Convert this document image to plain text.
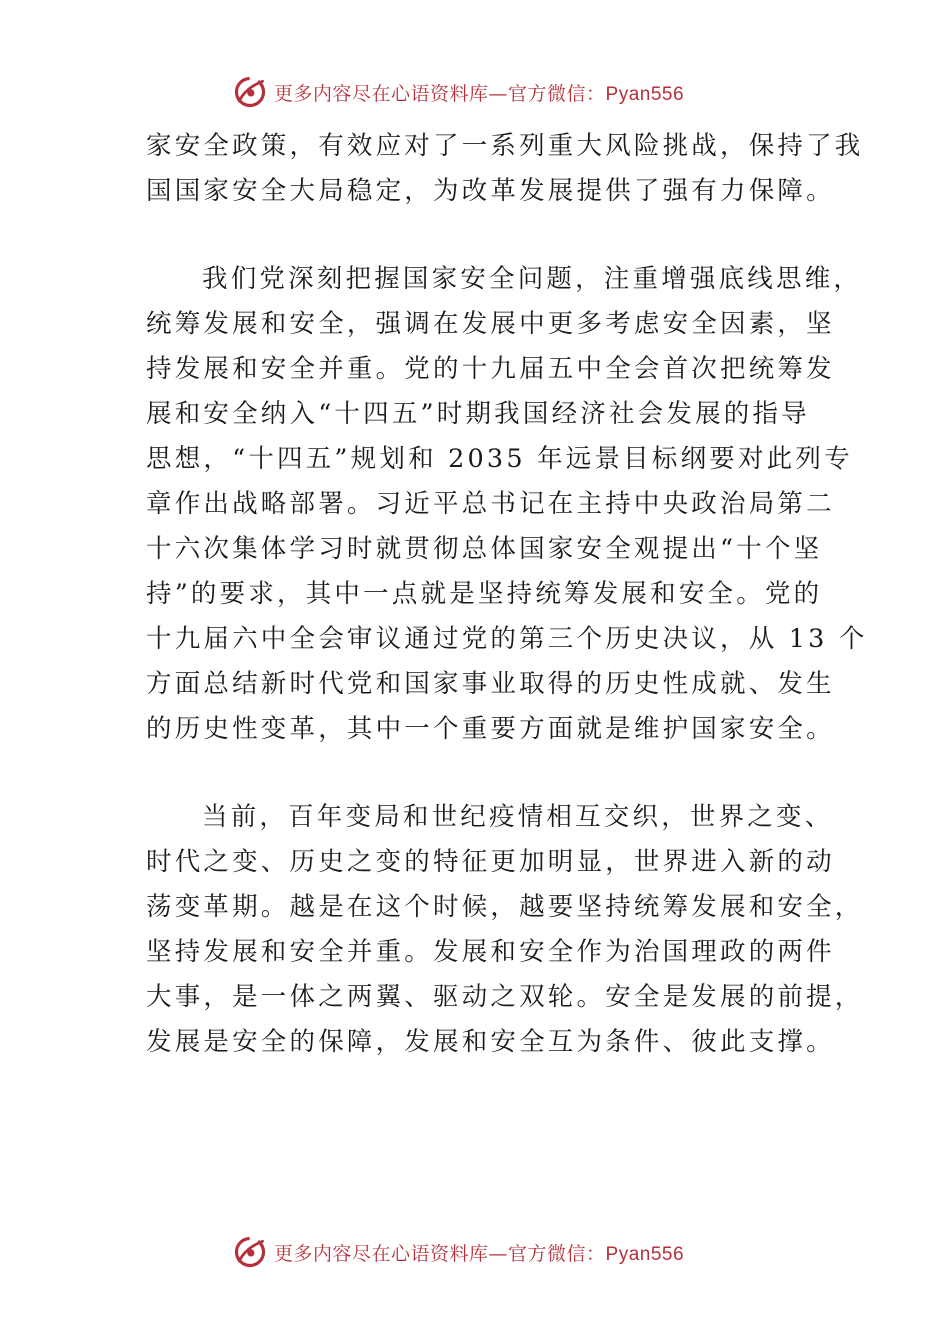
更多内容尽在心语资料库—官方微信：Pyan556
家安全政策，有效应对了一系列重大风险挑战，保持了我
国国家安全大局稳定，为改革发展提供了强有力保障。
我们党深刻把握国家安全问题，注重增强底线思维，
统筹发展和安全，强调在发展中更多考虑安全因素，坚
持发展和安全并重。党的十九届五中全会首次把统筹发
展和安全纳入“十四五”时期我国经济社会发展的指导
思想，“十四五”规划和 2035 年远景目标纲要对此列专
章作出战略部署。习近平总书记在主持中央政治局第二
十六次集体学习时就贯彻总体国家安全观提出“十个坚
持”的要求，其中一点就是坚持统筹发展和安全。党的
十九届六中全会审议通过党的第三个历史决议，从 13 个
方面总结新时代党和国家事业取得的历史性成就、发生
的历史性变革，其中一个重要方面就是维护国家安全。
当前，百年变局和世纪疫情相互交织，世界之变、
时代之变、历史之变的特征更加明显，世界进入新的动
荡变革期。越是在这个时候，越要坚持统筹发展和安全，
坚持发展和安全并重。发展和安全作为治国理政的两件
大事，是一体之两翼、驱动之双轮。安全是发展的前提，
发展是安全的保障，发展和安全互为条件、彼此支撑。
更多内容尽在心语资料库—官方微信：Pyan556
